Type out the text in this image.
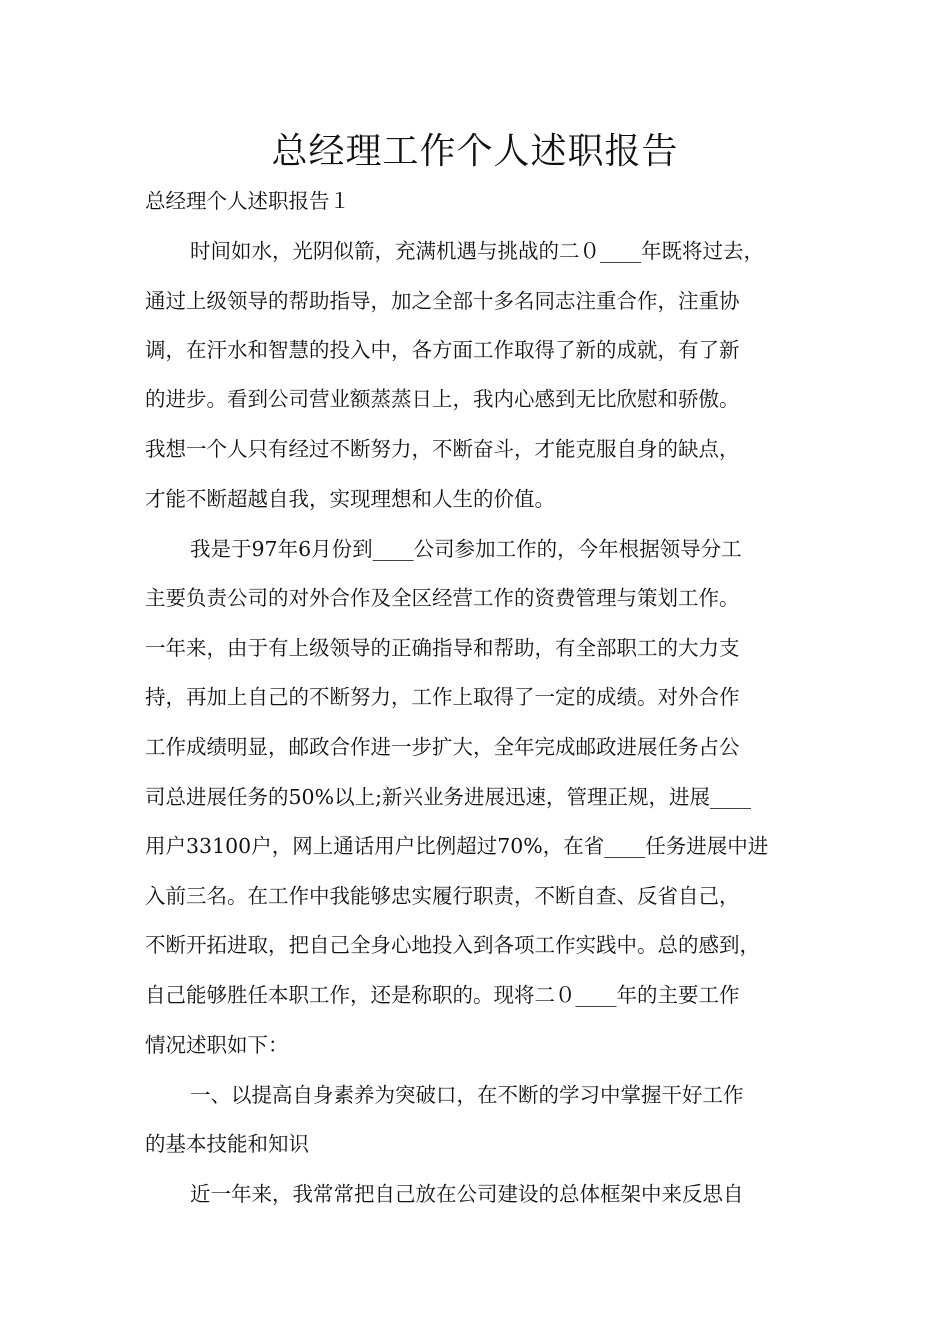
总经理工作个人述职报告

总经理个人述职报告１

时间如水，光阴似箭，充满机遇与挑战的二０____年既将过去，

通过上级领导的帮助指导，加之全部十多名同志注重合作，注重协

调，在汗水和智慧的投入中，各方面工作取得了新的成就，有了新

的进步。看到公司营业额蒸蒸日上，我内心感到无比欣慰和骄傲。

我想一个人只有经过不断努力，不断奋斗，才能克服自身的缺点，

才能不断超越自我，实现理想和人生的价值。

我是于97年6月份到____公司参加工作的，今年根据领导分工

主要负责公司的对外合作及全区经营工作的资费管理与策划工作。

一年来，由于有上级领导的正确指导和帮助，有全部职工的大力支

持，再加上自己的不断努力，工作上取得了一定的成绩。对外合作

工作成绩明显，邮政合作进一步扩大，全年完成邮政进展任务占公

司总进展任务的50%以上;新兴业务进展迅速，管理正规，进展____

用户33100户，网上通话用户比例超过70%，在省____任务进展中进

入前三名。在工作中我能够忠实履行职责，不断自查、反省自己，

不断开拓进取，把自己全身心地投入到各项工作实践中。总的感到，

自己能够胜任本职工作，还是称职的。现将二０____年的主要工作

情况述职如下：

一、以提高自身素养为突破口，在不断的学习中掌握干好工作

的基本技能和知识

近一年来，我常常把自己放在公司建设的总体框架中来反思自
